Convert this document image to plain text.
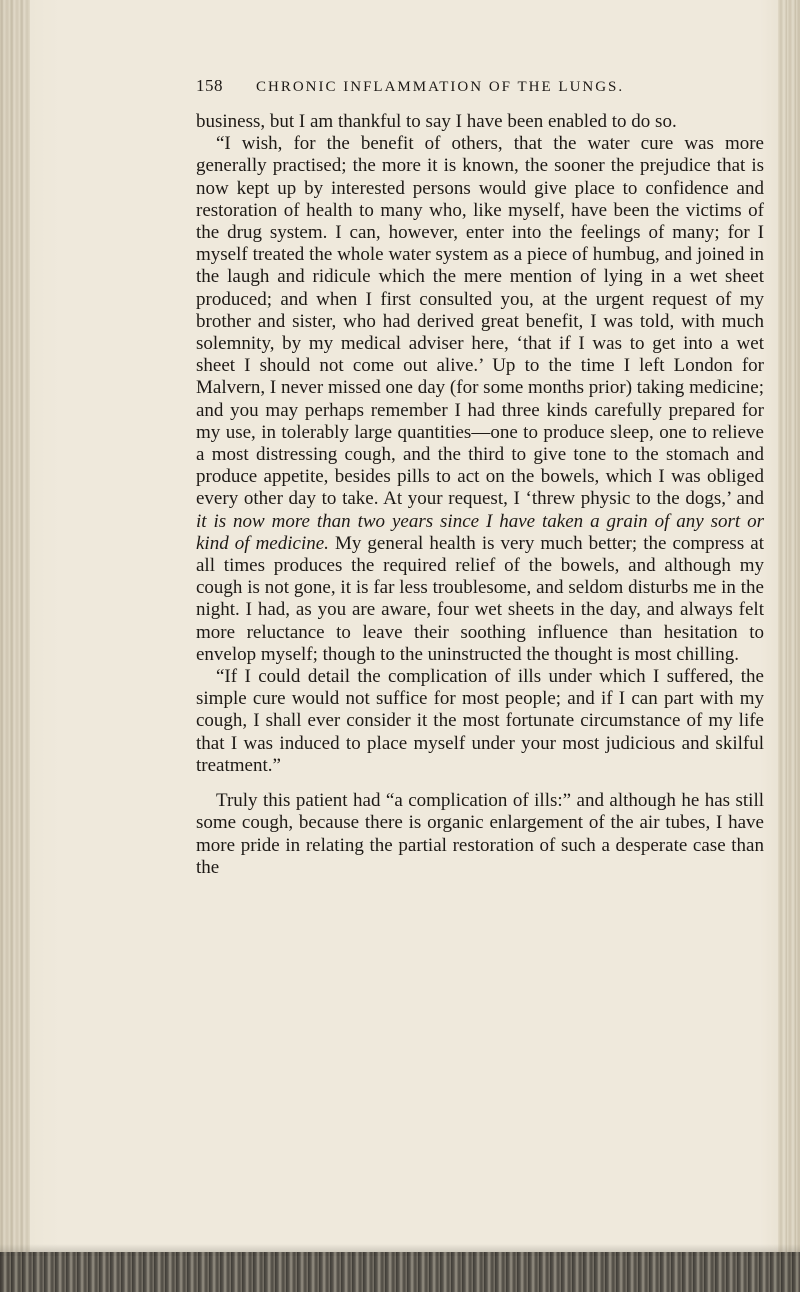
158 CHRONIC INFLAMMATION OF THE LUNGS.

business, but I am thankful to say I have been enabled to do so.

“I wish, for the benefit of others, that the water cure was more generally practised; the more it is known, the sooner the prejudice that is now kept up by interested persons would give place to confidence and restoration of health to many who, like myself, have been the victims of the drug system. I can, however, enter into the feelings of many; for I myself treated the whole water system as a piece of humbug, and joined in the laugh and ridicule which the mere mention of lying in a wet sheet produced; and when I first consulted you, at the urgent request of my brother and sister, who had derived great benefit, I was told, with much solemnity, by my medical adviser here, ‘that if I was to get into a wet sheet I should not come out alive.’ Up to the time I left London for Malvern, I never missed one day (for some months prior) taking medicine; and you may perhaps remember I had three kinds carefully prepared for my use, in tolerably large quantities—one to produce sleep, one to relieve a most distressing cough, and the third to give tone to the stomach and produce appetite, besides pills to act on the bowels, which I was obliged every other day to take. At your request, I ‘threw physic to the dogs,’ and it is now more than two years since I have taken a grain of any sort or kind of medicine. My general health is very much better; the compress at all times produces the required relief of the bowels, and although my cough is not gone, it is far less troublesome, and seldom disturbs me in the night. I had, as you are aware, four wet sheets in the day, and always felt more reluctance to leave their soothing influence than hesitation to envelop myself; though to the uninstructed the thought is most chilling.

“If I could detail the complication of ills under which I suffered, the simple cure would not suffice for most people; and if I can part with my cough, I shall ever consider it the most fortunate circumstance of my life that I was induced to place myself under your most judicious and skilful treatment.”

Truly this patient had “a complication of ills:” and although he has still some cough, because there is organic enlargement of the air tubes, I have more pride in relating the partial restoration of such a desperate case than the
